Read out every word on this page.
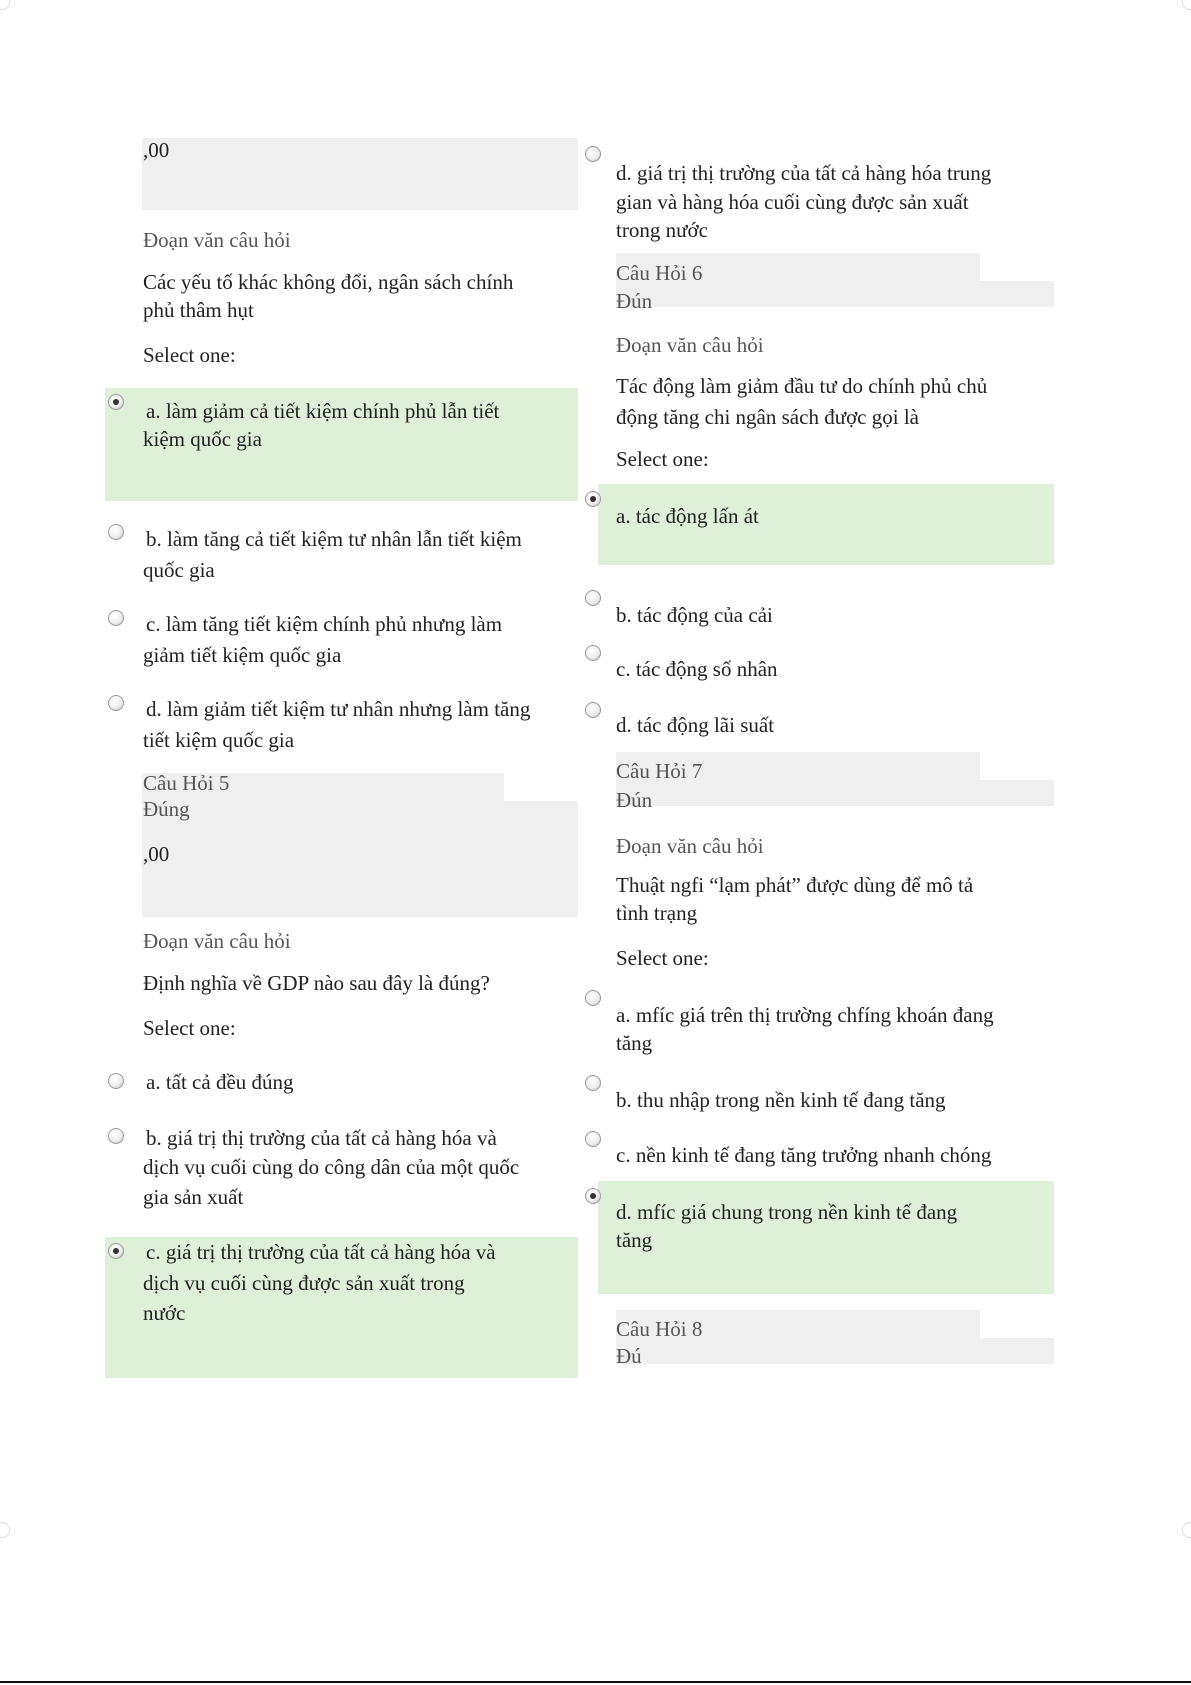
,00
Đoạn văn câu hỏi
Các yếu tố khác không đổi, ngân sách chính
phủ thâm hụt
Select one:
a. làm giảm cả tiết kiệm chính phủ lẫn tiết
kiệm quốc gia
b. làm tăng cả tiết kiệm tư nhân lẫn tiết kiệm
quốc gia
c. làm tăng tiết kiệm chính phủ nhưng làm
giảm tiết kiệm quốc gia
d. làm giảm tiết kiệm tư nhân nhưng làm tăng
tiết kiệm quốc gia
Câu Hỏi 5
Đúng
,00
Đoạn văn câu hỏi
Định nghĩa về GDP nào sau đây là đúng?
Select one:
a. tất cả đều đúng
b. giá trị thị trường của tất cả hàng hóa và
dịch vụ cuối cùng do công dân của một quốc
gia sản xuất
c. giá trị thị trường của tất cả hàng hóa và
dịch vụ cuối cùng được sản xuất trong
nước
d. giá trị thị trường của tất cả hàng hóa trung
gian và hàng hóa cuối cùng được sản xuất
trong nước
Câu Hỏi 6
Đún
Đoạn văn câu hỏi
Tác động làm giảm đầu tư do chính phủ chủ
động tăng chi ngân sách được gọi là
Select one:
a. tác động lấn át
b. tác động của cải
c. tác động số nhân
d. tác động lãi suất
Câu Hỏi 7
Đún
Đoạn văn câu hỏi
Thuật ngfi “lạm phát” được dùng để mô tả
tình trạng
Select one:
a. mfíc giá trên thị trường chfíng khoán đang
tăng
b. thu nhập trong nền kinh tế đang tăng
c. nền kinh tế đang tăng trưởng nhanh chóng
d. mfíc giá chung trong nền kinh tế đang
tăng
Câu Hỏi 8
Đú
